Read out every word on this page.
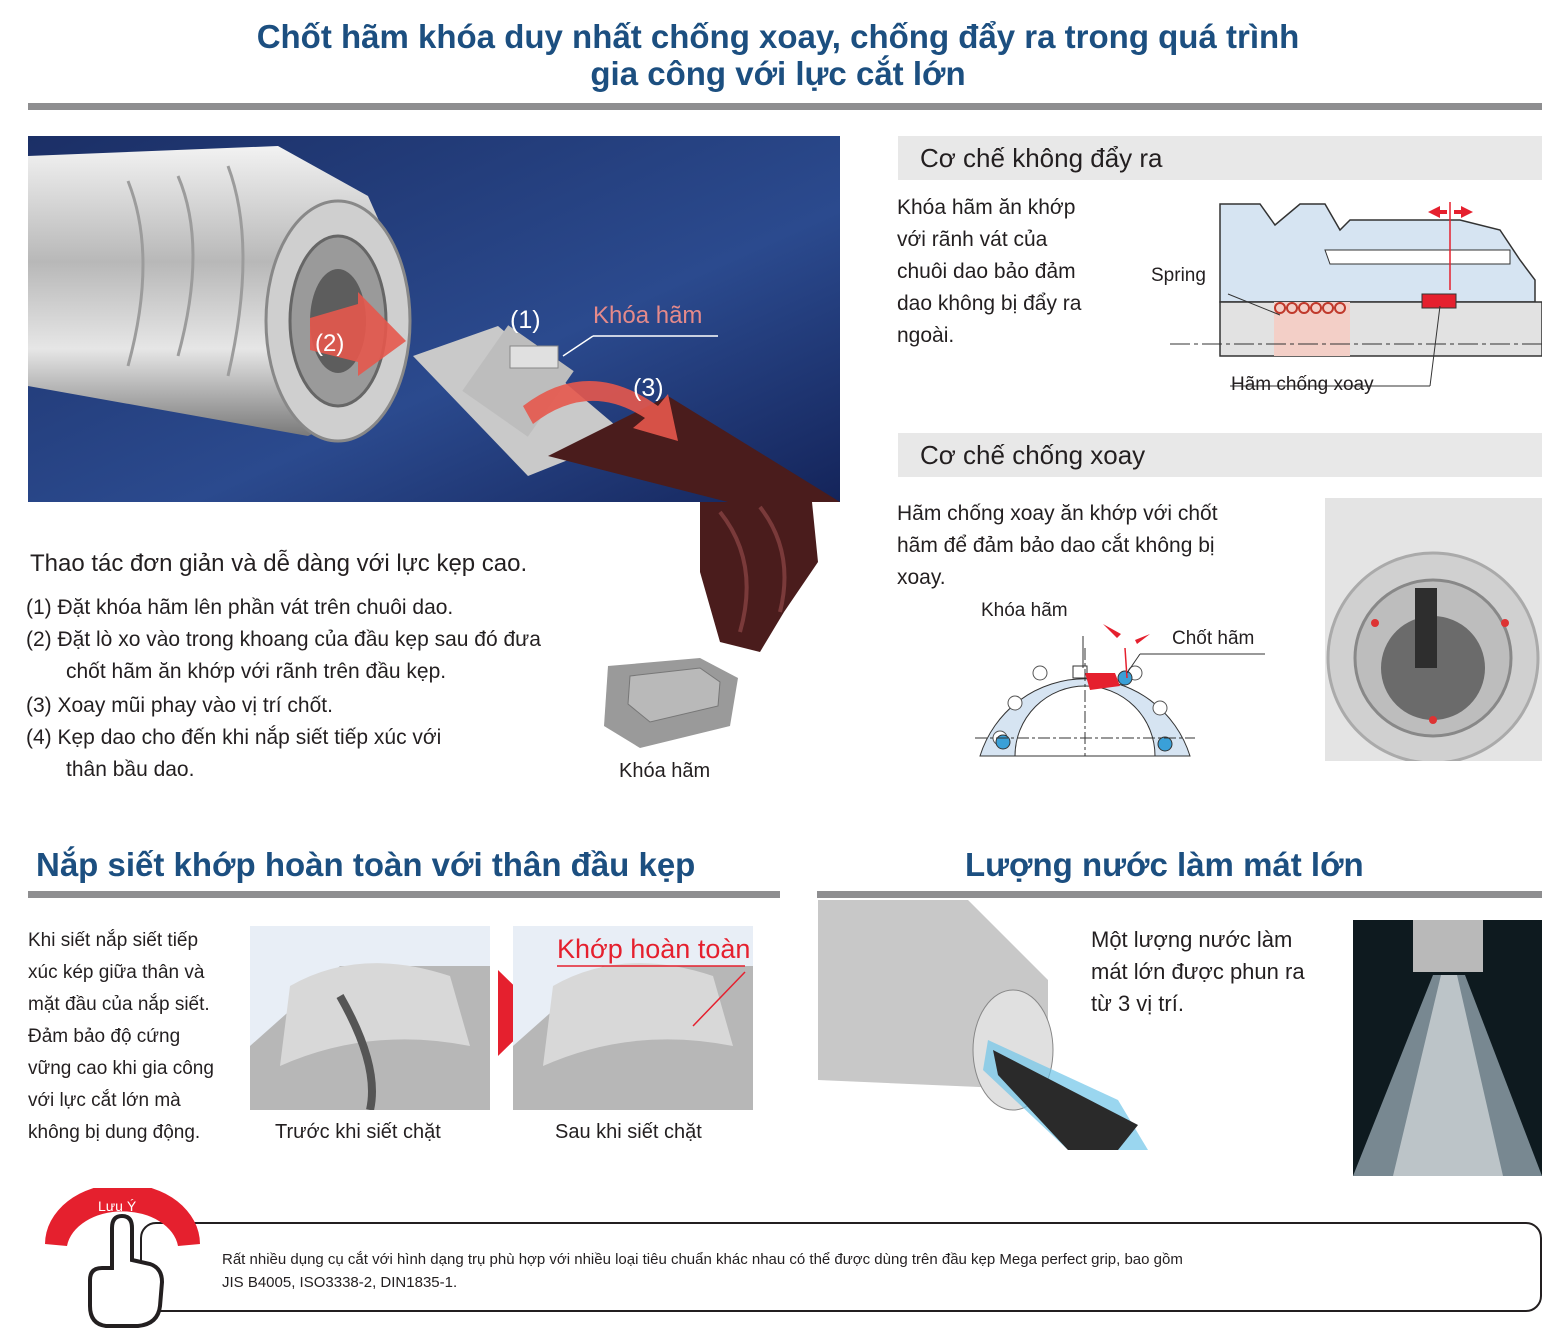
Chốt hãm khóa duy nhất chống xoay, chống đẩy ra trong quá trình
gia công với lực cắt lớn
(2)
(1)
(3)
Khóa hãm
Thao tác đơn giản và dễ dàng với lực kẹp cao.
(1) Đặt khóa hãm lên phần vát trên chuôi dao.
(2) Đặt lò xo vào trong khoang của đầu kẹp sau đó đưa
chốt hãm ăn khớp với rãnh trên đầu kẹp.
(3) Xoay mũi phay vào vị trí chốt.
(4) Kẹp dao cho đến khi nắp siết tiếp xúc với
thân bầu dao.	Khóa hãm
Cơ chế không đẩy ra
Khóa hãm ăn khớp
với rãnh vát của
chuôi dao bảo đảm
dao không bị đẩy ra
ngoài.
Spring
Hãm chống xoay
Cơ chế chống xoay
Hãm chống xoay ăn khớp với chốt
hãm để đảm bảo dao cắt không bị
xoay.
Khóa hãm
Chốt hãm
Nắp siết khớp hoàn toàn với thân đầu kẹp
Khi siết nắp siết tiếp
xúc kép giữa thân và
mặt đầu của nắp siết.
Đảm bảo độ cứng
vững cao khi gia công
với lực cắt lớn mà
không bị dung động.
Khớp hoàn toàn
Trước khi siết chặt	Sau khi siết chặt
Lượng nước làm mát lớn
Một lượng nước làm
mát lớn được phun ra
từ 3 vị trí.
Lưu Ý
Rất nhiều dụng cụ cắt với hình dạng trụ phù hợp với nhiều loại tiêu chuẩn khác nhau có thể được dùng trên đầu kẹp Mega perfect grip, bao gồm
JIS B4005, ISO3338-2, DIN1835-1.
